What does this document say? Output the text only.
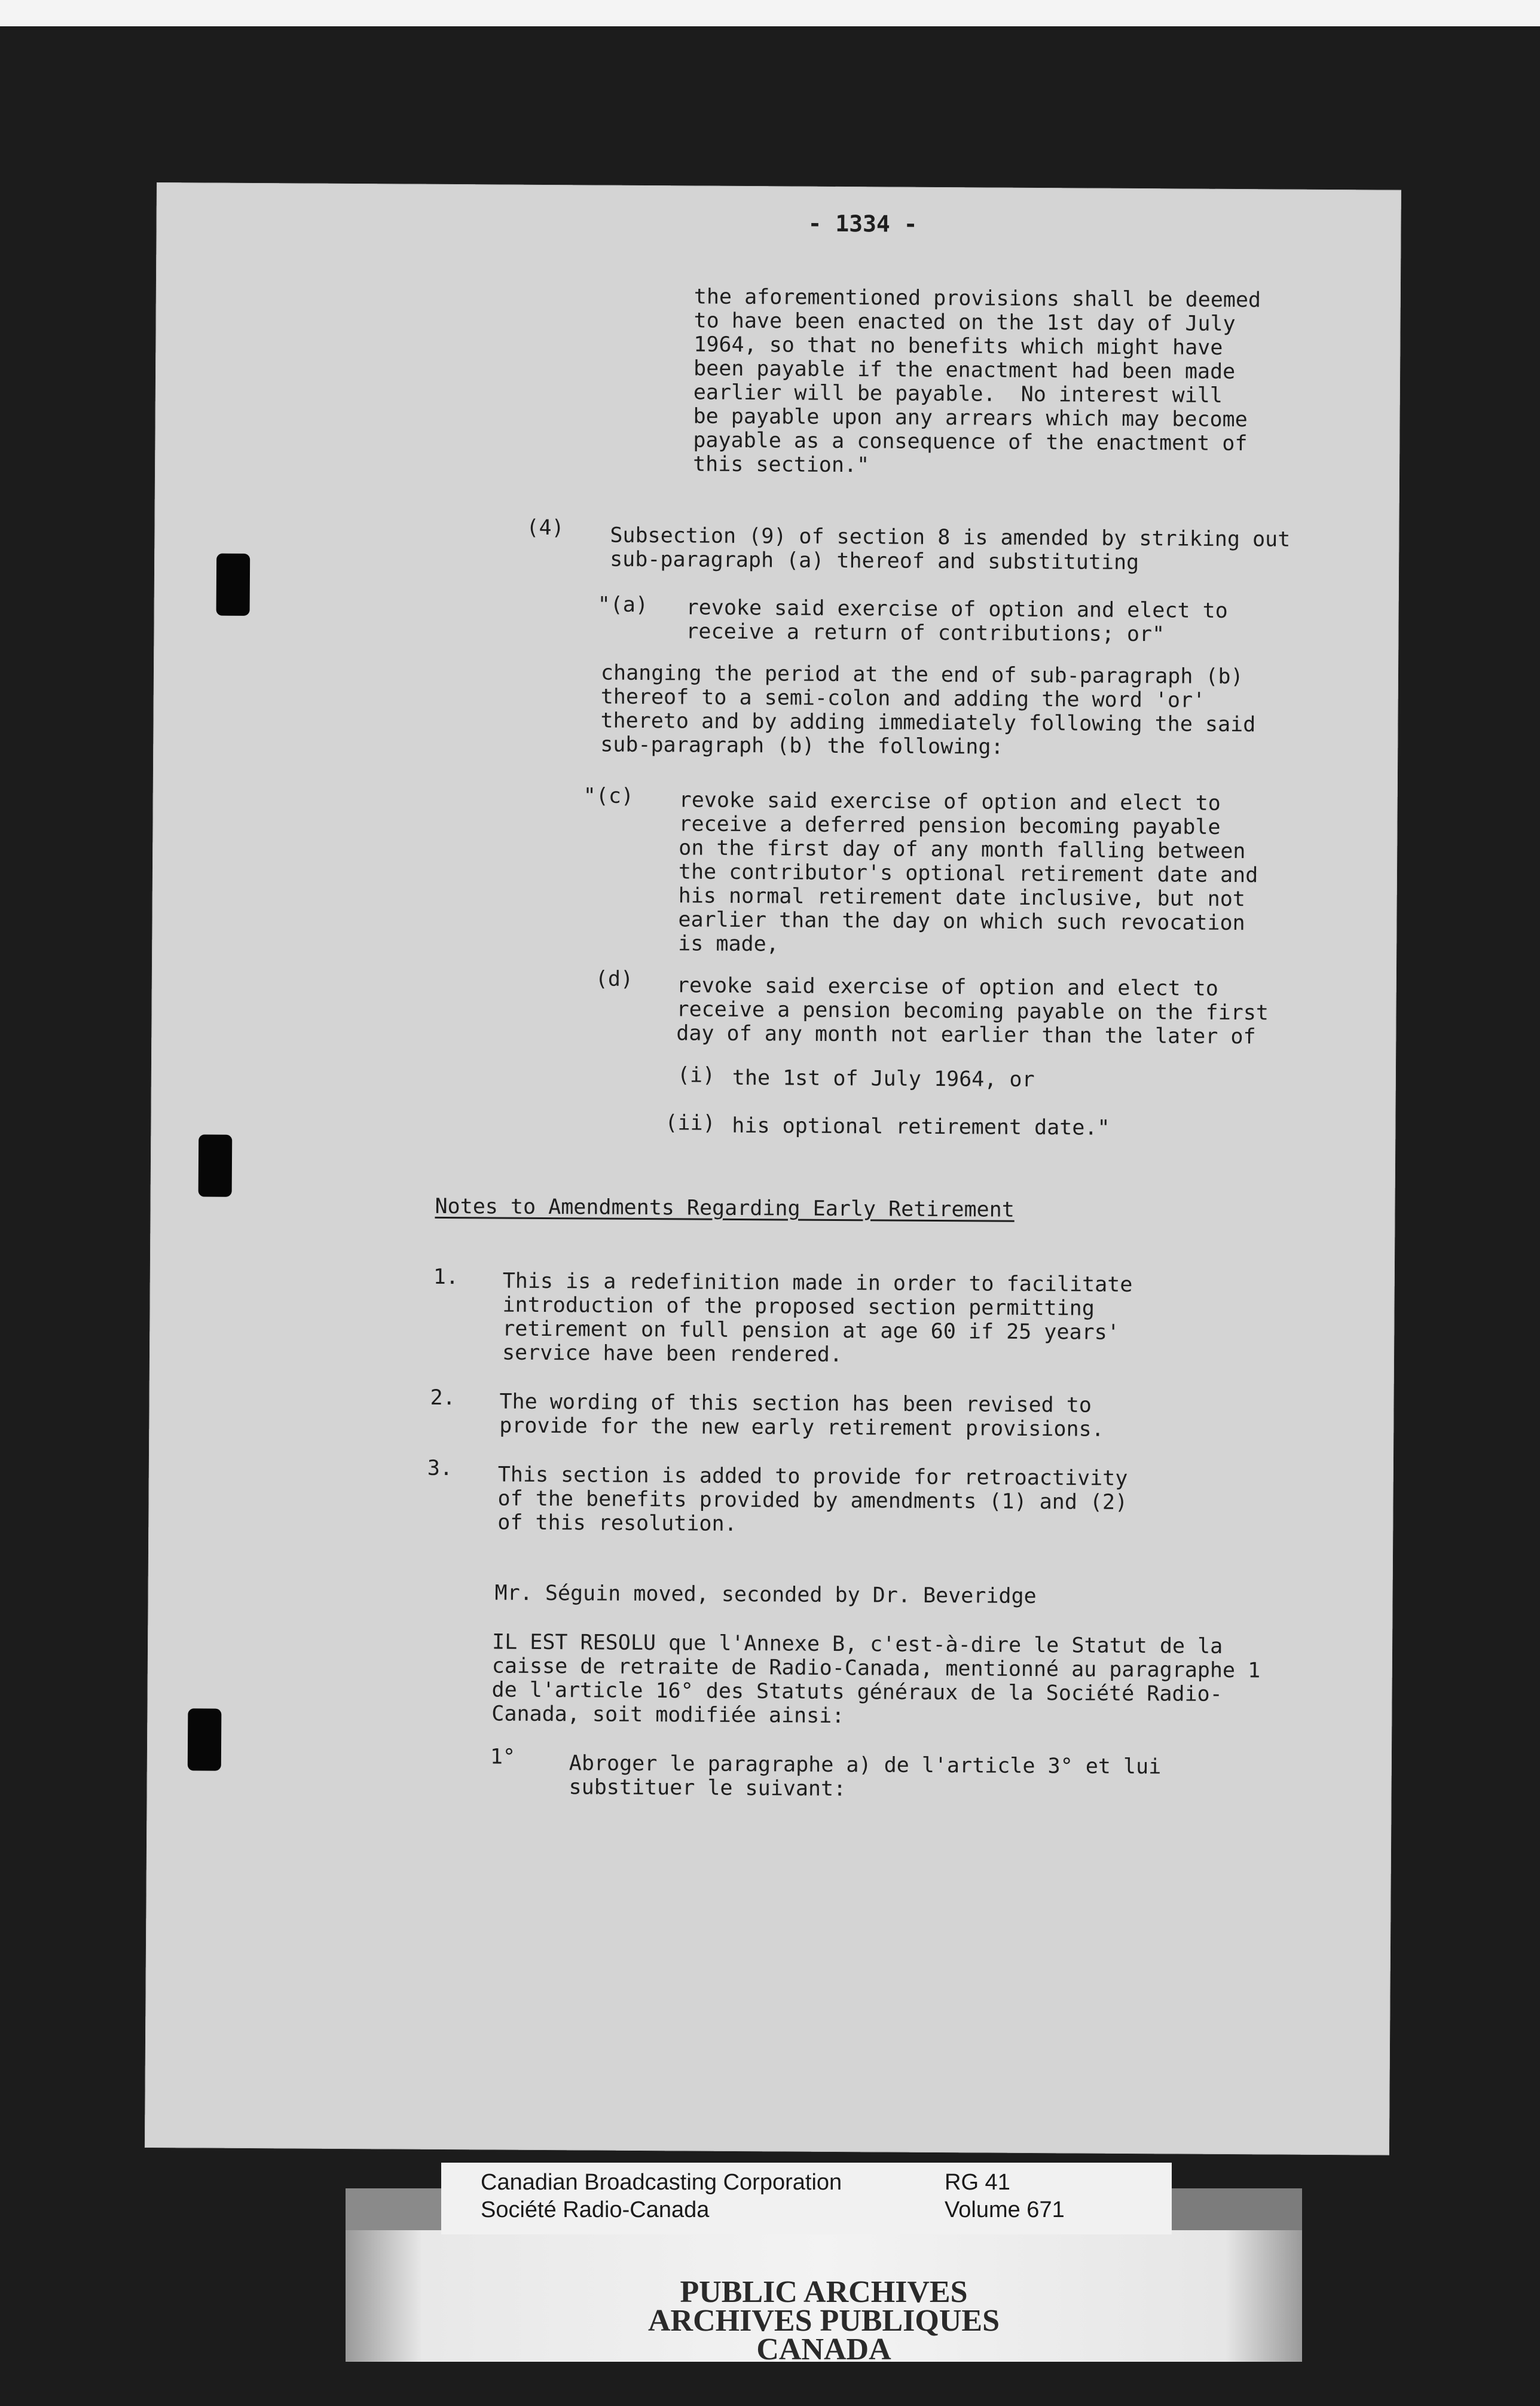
- 1334 -

the aforementioned provisions shall be deemed

to have been enacted on the 1st day of July

1964, so that no benefits which might have

been payable if the enactment had been made

earlier will be payable.  No interest will

be payable upon any arrears which may become

payable as a consequence of the enactment of

this section."

(4) Subsection (9) of section 8 is amended by striking out

sub-paragraph (a) thereof and substituting

"(a) revoke said exercise of option and elect to

receive a return of contributions; or"

changing the period at the end of sub-paragraph (b)

thereof to a semi-colon and adding the word 'or'

thereto and by adding immediately following the said

sub-paragraph (b) the following:

"(c) revoke said exercise of option and elect to

receive a deferred pension becoming payable

on the first day of any month falling between

the contributor's optional retirement date and

his normal retirement date inclusive, but not

earlier than the day on which such revocation

is made,

(d) revoke said exercise of option and elect to

receive a pension becoming payable on the first

day of any month not earlier than the later of

(i) the 1st of July 1964, or

(ii) his optional retirement date."

Notes to Amendments Regarding Early Retirement

1. This is a redefinition made in order to facilitate

introduction of the proposed section permitting

retirement on full pension at age 60 if 25 years'

service have been rendered.

2. The wording of this section has been revised to

provide for the new early retirement provisions.

3. This section is added to provide for retroactivity

of the benefits provided by amendments (1) and (2)

of this resolution.

Mr. Séguin moved, seconded by Dr. Beveridge

IL EST RESOLU que l'Annexe B, c'est-à-dire le Statut de la

caisse de retraite de Radio-Canada, mentionné au paragraphe 1

de l'article 16° des Statuts généraux de la Société Radio-

Canada, soit modifiée ainsi:

1°	Abroger le paragraphe a) de l'article 3° et lui

substituer le suivant:

PUBLIC ARCHIVES
ARCHIVES PUBLIQUES
CANADA
Canadian Broadcasting Corporation
Société Radio-Canada
RG 41
Volume 671
